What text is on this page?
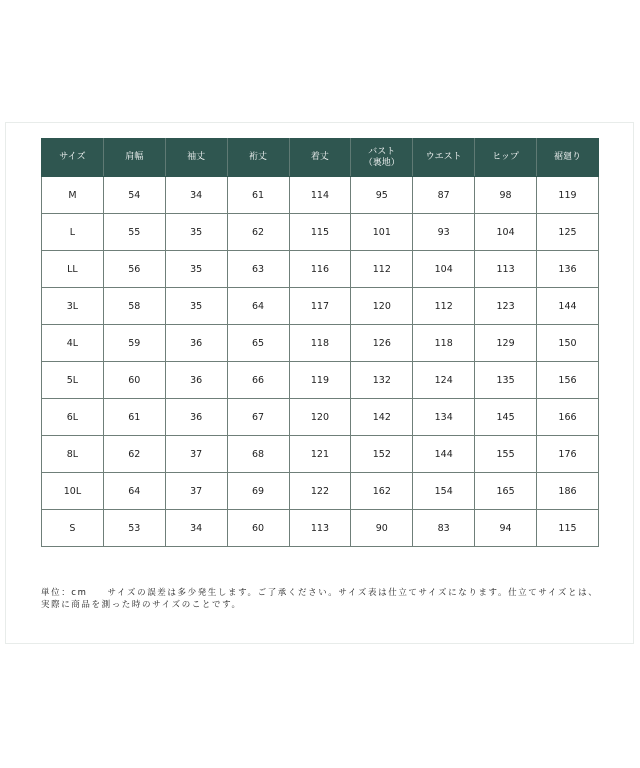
サイズ	肩幅	袖丈	裄丈	着丈	バスト（裏地）	ウエスト	ヒップ	裾廻り
M	54	34	61	114	95	87	98	119
L	55	35	62	115	101	93	104	125
LL	56	35	63	116	112	104	113	136
3L	58	35	64	117	120	112	123	144
4L	59	36	65	118	126	118	129	150
5L	60	36	66	119	132	124	135	156
6L	61	36	67	120	142	134	145	166
8L	62	37	68	121	152	144	155	176
10L	64	37	69	122	162	154	165	186
S	53	34	60	113	90	83	94	115
単位：cm サイズの誤差は多少発生します。ご了承ください。サイズ表は仕立てサイズになります。仕立てサイズとは、実際に商品を測った時のサイズのことです。
